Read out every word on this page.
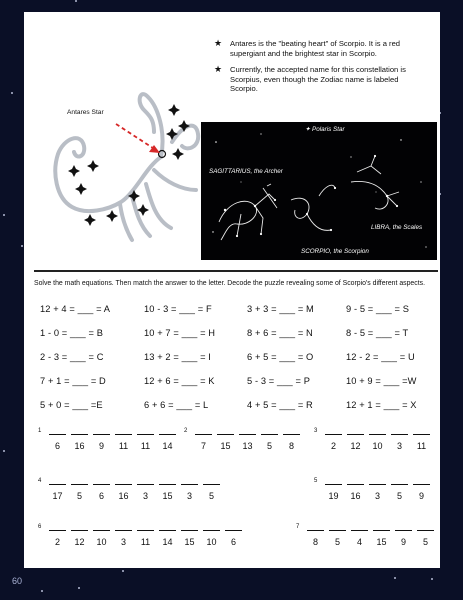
★ Antares is the "beating heart" of Scorpio. It is a red supergiant and the brightest star in Scorpio.
★ Currently, the accepted name for this constellation is Scorpius, even though the Zodiac name is labeled Scorpio.
Antares Star
✦ Polaris Star
SAGITTARIUS, the Archer
LIBRA, the Scales
SCORPIO, the Scorpion
Solve the math equations. Then match the answer to the letter. Decode the puzzle revealing some of Scorpio's different aspects.
12 + 4 = ___ = A	10 - 3 = ___ = F	3 + 3 = ___ = M	9 - 5 = ___ = S
1 - 0 = ___ = B	10 + 7 = ___ = H	8 + 6 = ___ = N	8 - 5 = ___ = T
2 - 3 = ___ = C	13 + 2 = ___ = I	6 + 5 = ___ = O	12 - 2 = ___ = U
7 + 1 = ___ = D	12 + 6 = ___ = K	5 - 3 = ___ = P	10 + 9 = ___ =W
5 + 0 = ___ =E	6 + 6 = ___ = L	4 + 5 = ___ = R	12 + 1 = ___ = X
1
6	16	9	11	11	14
2
7	15	13	5	8
3
2	12	10	3	11
4
17	5	6	16	3	15	3	5
5
19	16	3	5	9
6
2	12	10	3	11	14	15	10	6
7
8	5	4	15	9	5
60
